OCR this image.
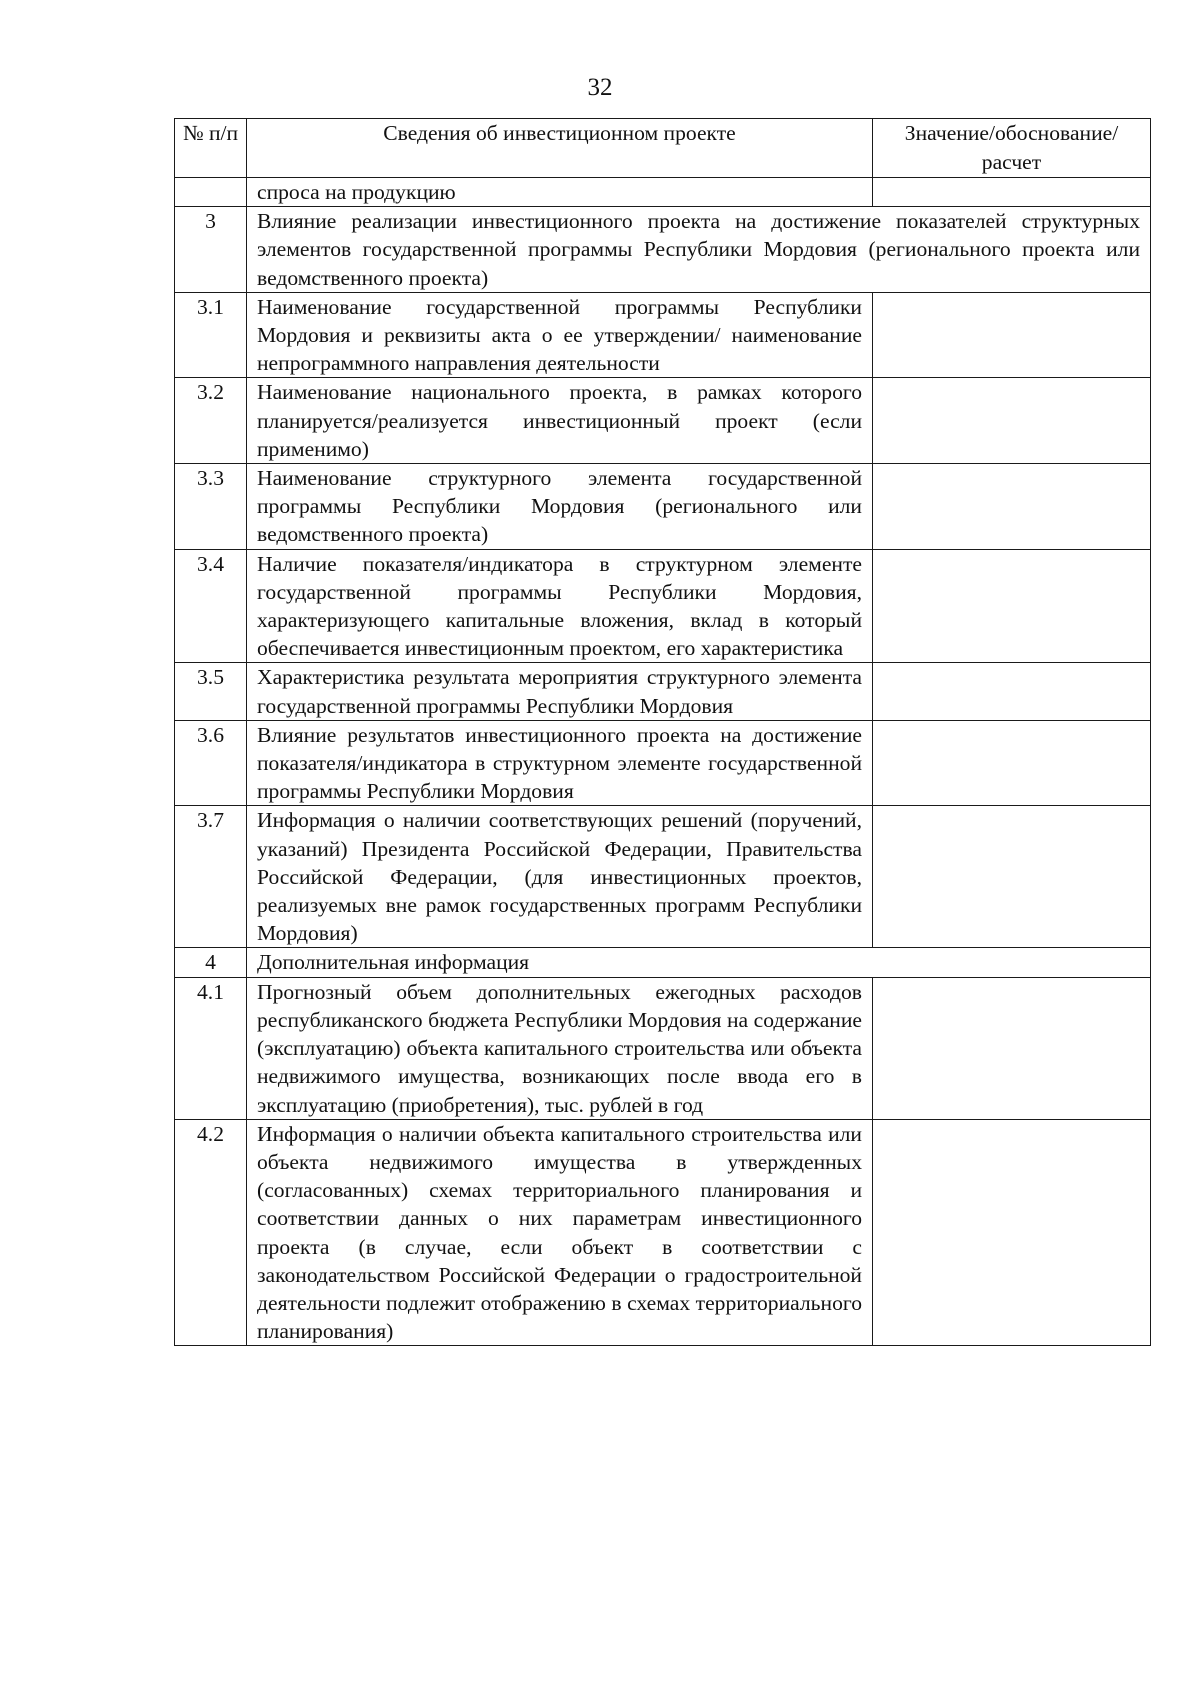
32
№ п/п	Сведения об инвестиционном проекте	Значение/обоснование/ расчет
	спроса на продукцию	
3	Влияние реализации инвестиционного проекта на достижение показателей структурных элементов государственной программы Республики Мордовия (регионального проекта или ведомственного проекта)	
3.1	Наименование государственной программы Республики Мордовия и реквизиты акта о ее утверждении/ наименование непрограммного направления деятельности	
3.2	Наименование национального проекта, в рамках которого планируется/реализуется инвестиционный проект (если применимо)	
3.3	Наименование структурного элемента государственной программы Республики Мордовия (регионального или ведомственного проекта)	
3.4	Наличие показателя/индикатора в структурном элементе государственной программы Республики Мордовия, характеризующего капитальные вложения, вклад в который обеспечивается инвестиционным проектом, его характеристика	
3.5	Характеристика результата мероприятия структурного элемента государственной программы Республики Мордовия	
3.6	Влияние результатов инвестиционного проекта на достижение показателя/индикатора в структурном элементе государственной программы Республики Мордовия	
3.7	Информация о наличии соответствующих решений (поручений, указаний) Президента Российской Федерации, Правительства Российской Федерации, (для инвестиционных проектов, реализуемых вне рамок государственных программ Республики Мордовия)	
4	Дополнительная информация	
4.1	Прогнозный объем дополнительных ежегодных расходов республиканского бюджета Республики Мордовия на содержание (эксплуатацию) объекта капитального строительства или объекта недвижимого имущества, возникающих после ввода его в эксплуатацию (приобретения), тыс. рублей в год	
4.2	Информация о наличии объекта капитального строительства или объекта недвижимого имущества в утвержденных (согласованных) схемах территориального планирования и соответствии данных о них параметрам инвестиционного проекта (в случае, если объект в соответствии с законодательством Российской Федерации о градостроительной деятельности подлежит отображению в схемах территориального планирования)	
